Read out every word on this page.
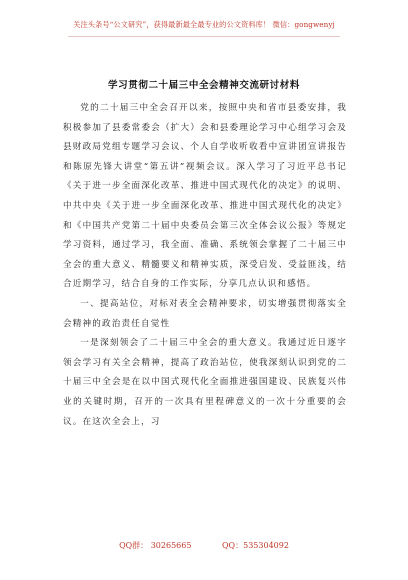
关注头条号“公文研究”，获得最新最全最专业的公文资料库！ 微信：gongwenyj
学习贯彻二十届三中全会精神交流研讨材料

党的二十届三中全会召开以来，按照中央和省市县委安排，我积极参加了县委常委会（扩大）会和县委理论学习中心组学习会及县财政局党组专题学习会议、个人自学收听收看中宣讲团宣讲报告和陈原先锋大讲堂“第五讲”视频会议。深入学习了习近平总书记《关于进一步全面深化改革、推进中国式现代化的决定》的说明、中共中央《关于进一步全面深化改革、推进中国式现代化的决定》和《中国共产党第二十届中央委员会第三次全体会议公报》等规定学习资料，通过学习，我全面、准确、系统领会掌握了二十届三中全会的重大意义、精髓要义和精神实质，深受启发、受益匪浅，结合近期学习，结合自身的工作实际，分享几点认识和感悟。

一、提高站位，对标对表全会精神要求，切实增强贯彻落实全会精神的政治责任自觉性

一是深刻领会了二十届三中全会的重大意义。我通过近日逐字领会学习有关全会精神，提高了政治站位，使我深刻认识到党的二十届三中全会是在以中国式现代化全面推进强国建设、民族复兴伟业的关键时期，召开的一次具有里程碑意义的一次十分重要的会议。在这次全会上，习

QQ群： 30265665	QQ：535304092
